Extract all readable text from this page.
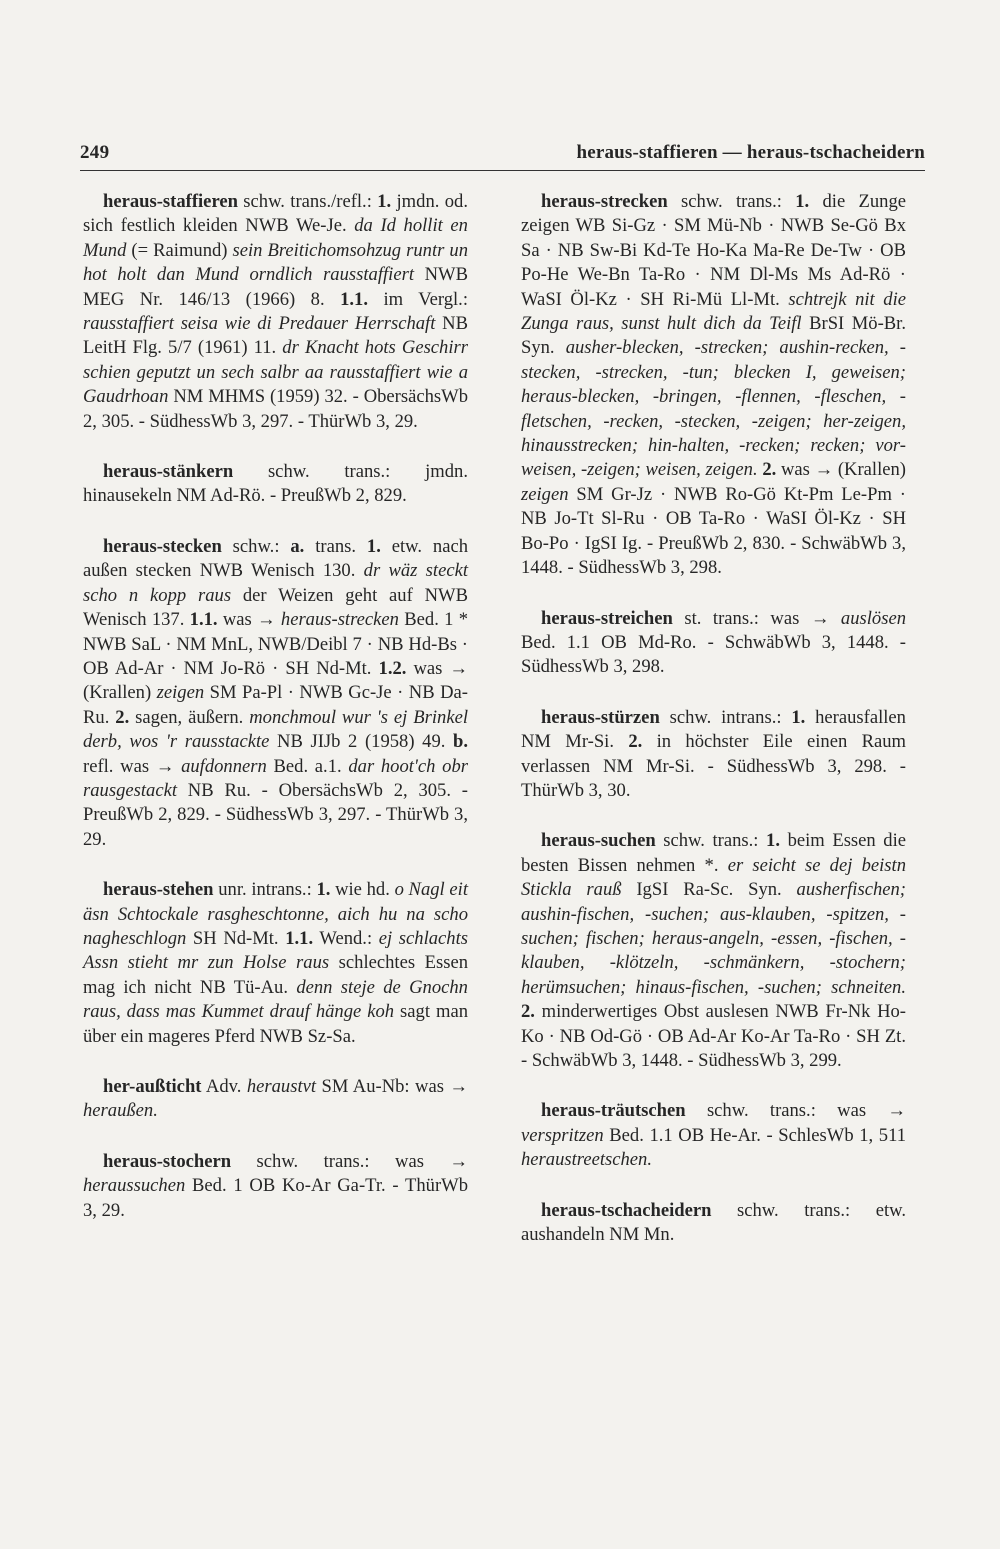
249	heraus-staffieren — heraus-tschacheidern

heraus-staffieren schw. trans./refl.: 1. jmdn. od. sich festlich kleiden NWB We-Je. da Id hollit en Mund (= Raimund) sein Breitichomsohzug runtr un hot holt dan Mund orndlich rausstaffiert NWB MEG Nr. 146/13 (1966) 8. 1.1. im Vergl.: rausstaffiert seisa wie di Predauer Herrschaft NB LeitH Flg. 5/7 (1961) 11. dr Knacht hots Geschirr schien geputzt un sech salbr aa rausstaffiert wie a Gaudrhoan NM MHMS (1959) 32. - ObersächsWb 2, 305. - SüdhessWb 3, 297. - ThürWb 3, 29.

heraus-stänkern schw. trans.: jmdn. hinausekeln NM Ad-Rö. - PreußWb 2, 829.

heraus-stecken schw.: a. trans. 1. etw. nach außen stecken NWB Wenisch 130. dr wäz steckt scho n kopp raus der Weizen geht auf NWB Wenisch 137. 1.1. was → heraus-strecken Bed. 1 * NWB SaL · NM MnL, NWB/Deibl 7 · NB Hd-Bs · OB Ad-Ar · NM Jo-Rö · SH Nd-Mt. 1.2. was → (Krallen) zeigen SM Pa-Pl · NWB Gc-Je · NB Da-Ru. 2. sagen, äußern. monchmoul wur 's ej Brinkel derb, wos 'r rausstackte NB JIJb 2 (1958) 49. b. refl. was → aufdonnern Bed. a.1. dar hoot'ch obr rausgestackt NB Ru. - ObersächsWb 2, 305. - PreußWb 2, 829. - SüdhessWb 3, 297. - ThürWb 3, 29.

heraus-stehen unr. intrans.: 1. wie hd. o Nagl eit äsn Schtockale rasgheschtonne, aich hu na scho nagheschlogn SH Nd-Mt. 1.1. Wend.: ej schlachts Assn stieht mr zun Holse raus schlechtes Essen mag ich nicht NB Tü-Au. denn steje de Gnochn raus, dass mas Kummet drauf hänge koh sagt man über ein mageres Pferd NWB Sz-Sa.

her-außticht Adv. heraustvt SM Au-Nb: was → heraußen.

heraus-stochern schw. trans.: was → heraussuchen Bed. 1 OB Ko-Ar Ga-Tr. - ThürWb 3, 29.

heraus-strecken schw. trans.: 1. die Zunge zeigen WB Si-Gz · SM Mü-Nb · NWB Se-Gö Bx Sa · NB Sw-Bi Kd-Te Ho-Ka Ma-Re De-Tw · OB Po-He We-Bn Ta-Ro · NM Dl-Ms Ms Ad-Rö · WaSI Öl-Kz · SH Ri-Mü Ll-Mt. schtrejk nit die Zunga raus, sunst hult dich da Teifl BrSI Mö-Br. Syn. ausher-blecken, -strecken; aushin-recken, -stecken, -strecken, -tun; blecken I, geweisen; heraus-blecken, -bringen, -flennen, -fleschen, -fletschen, -recken, -stecken, -zeigen; her-zeigen, hinausstrecken; hin-halten, -recken; recken; vor-weisen, -zeigen; weisen, zeigen. 2. was → (Krallen) zeigen SM Gr-Jz · NWB Ro-Gö Kt-Pm Le-Pm · NB Jo-Tt Sl-Ru · OB Ta-Ro · WaSI Öl-Kz · SH Bo-Po · IgSI Ig. - PreußWb 2, 830. - SchwäbWb 3, 1448. - SüdhessWb 3, 298.

heraus-streichen st. trans.: was → auslösen Bed. 1.1 OB Md-Ro. - SchwäbWb 3, 1448. - SüdhessWb 3, 298.

heraus-stürzen schw. intrans.: 1. herausfallen NM Mr-Si. 2. in höchster Eile einen Raum verlassen NM Mr-Si. - SüdhessWb 3, 298. - ThürWb 3, 30.

heraus-suchen schw. trans.: 1. beim Essen die besten Bissen nehmen *. er seicht se dej beistn Stickla rauß IgSI Ra-Sc. Syn. ausherfischen; aushin-fischen, -suchen; aus-klauben, -spitzen, -suchen; fischen; heraus-angeln, -essen, -fischen, -klauben, -klötzeln, -schmänkern, -stochern; herümsuchen; hinaus-fischen, -suchen; schneiten. 2. minderwertiges Obst auslesen NWB Fr-Nk Ho-Ko · NB Od-Gö · OB Ad-Ar Ko-Ar Ta-Ro · SH Zt. - SchwäbWb 3, 1448. - SüdhessWb 3, 299.

heraus-träutschen schw. trans.: was → verspritzen Bed. 1.1 OB He-Ar. - SchlesWb 1, 511 heraustreetschen.

heraus-tschacheidern schw. trans.: etw. aushandeln NM Mn.
